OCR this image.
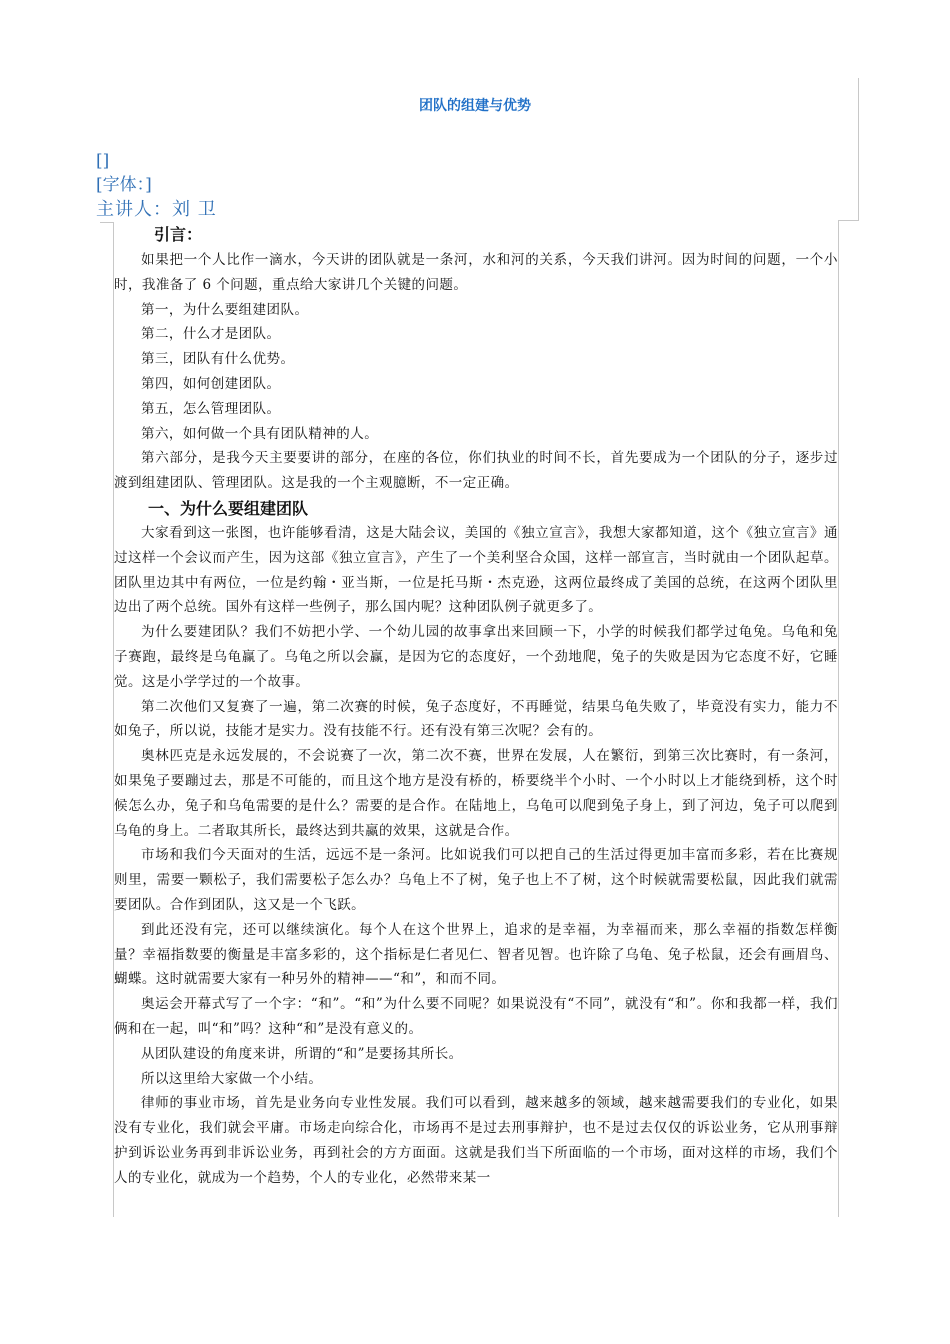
团队的组建与优势
[]
[字体：]
主讲人：刘 卫
引言：

如果把一个人比作一滴水，今天讲的团队就是一条河，水和河的关系，今天我们讲河。因为时间的问题，一个小时，我准备了 6 个问题，重点给大家讲几个关键的问题。

第一，为什么要组建团队。

第二，什么才是团队。

第三，团队有什么优势。

第四，如何创建团队。

第五，怎么管理团队。

第六，如何做一个具有团队精神的人。

第六部分，是我今天主要要讲的部分，在座的各位，你们执业的时间不长，首先要成为一个团队的分子，逐步过渡到组建团队、管理团队。这是我的一个主观臆断，不一定正确。

一、为什么要组建团队

大家看到这一张图，也许能够看清，这是大陆会议，美国的《独立宣言》，我想大家都知道，这个《独立宣言》通过这样一个会议而产生，因为这部《独立宣言》，产生了一个美利坚合众国，这样一部宣言，当时就由一个团队起草。团队里边其中有两位，一位是约翰・亚当斯，一位是托马斯・杰克逊，这两位最终成了美国的总统，在这两个团队里边出了两个总统。国外有这样一些例子，那么国内呢？这种团队例子就更多了。

为什么要建团队？我们不妨把小学、一个幼儿园的故事拿出来回顾一下，小学的时候我们都学过龟兔。乌龟和兔子赛跑，最终是乌龟赢了。乌龟之所以会赢，是因为它的态度好，一个劲地爬，兔子的失败是因为它态度不好，它睡觉。这是小学学过的一个故事。

第二次他们又复赛了一遍，第二次赛的时候，兔子态度好，不再睡觉，结果乌龟失败了，毕竟没有实力，能力不如兔子，所以说，技能才是实力。没有技能不行。还有没有第三次呢？会有的。

奥林匹克是永远发展的，不会说赛了一次，第二次不赛，世界在发展，人在繁衍，到第三次比赛时，有一条河，如果兔子要蹦过去，那是不可能的，而且这个地方是没有桥的，桥要绕半个小时、一个小时以上才能绕到桥，这个时候怎么办，兔子和乌龟需要的是什么？需要的是合作。在陆地上，乌龟可以爬到兔子身上，到了河边，兔子可以爬到乌龟的身上。二者取其所长，最终达到共赢的效果，这就是合作。

市场和我们今天面对的生活，远远不是一条河。比如说我们可以把自己的生活过得更加丰富而多彩，若在比赛规则里，需要一颗松子，我们需要松子怎么办？乌龟上不了树，兔子也上不了树，这个时候就需要松鼠，因此我们就需要团队。合作到团队，这又是一个飞跃。

到此还没有完，还可以继续演化。每个人在这个世界上，追求的是幸福，为幸福而来，那么幸福的指数怎样衡量？幸福指数要的衡量是丰富多彩的，这个指标是仁者见仁、智者见智。也许除了乌龟、兔子松鼠，还会有画眉鸟、蝴蝶。这时就需要大家有一种另外的精神——“和”，和而不同。

奥运会开幕式写了一个字：“和”。“和”为什么要不同呢？如果说没有“不同”，就没有“和”。你和我都一样，我们俩和在一起，叫“和”吗？这种“和”是没有意义的。

从团队建设的角度来讲，所谓的“和”是要扬其所长。

所以这里给大家做一个小结。

律师的事业市场，首先是业务向专业性发展。我们可以看到，越来越多的领域，越来越需要我们的专业化，如果没有专业化，我们就会平庸。市场走向综合化，市场再不是过去刑事辩护，也不是过去仅仅的诉讼业务，它从刑事辩护到诉讼业务再到非诉讼业务，再到社会的方方面面。这就是我们当下所面临的一个市场，面对这样的市场，我们个人的专业化，就成为一个趋势，个人的专业化，必然带来某一
